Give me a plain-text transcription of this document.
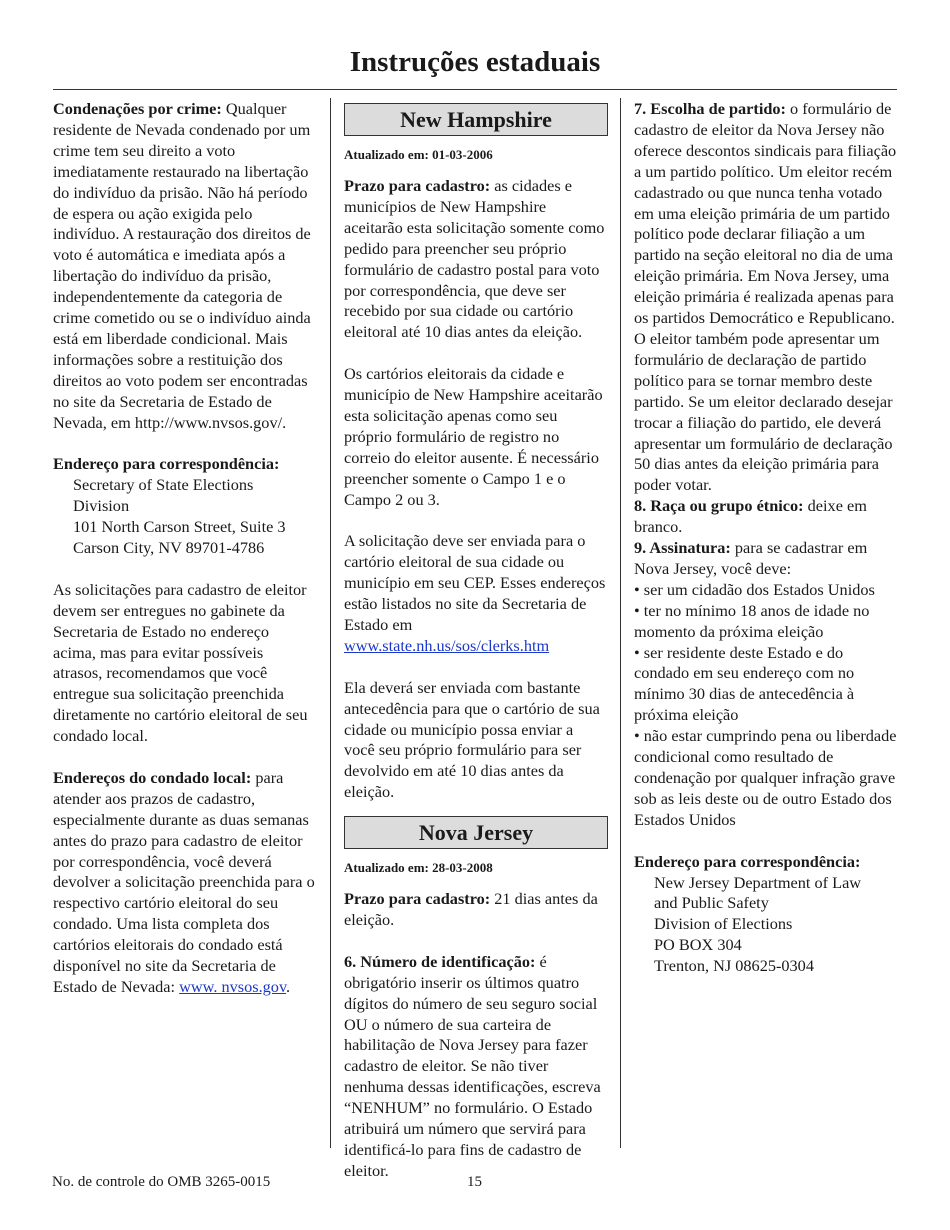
Instruções estaduais

Condenações por crime: Qualquer residente de Nevada condenado por um crime tem seu direito a voto imediatamente restaurado na libertação do indivíduo da prisão. Não há período de espera ou ação exigida pelo indivíduo. A restauração dos direitos de voto é automática e imediata após a libertação do indivíduo da prisão, independentemente da categoria de crime cometido ou se o indivíduo ainda está em liberdade condicional. Mais informações sobre a restituição dos direitos ao voto podem ser encontradas no site da Secretaria de Estado de Nevada, em http://www.nvsos.gov/.

Endereço para correspondência:

Secretary of State Elections

Division

101 North Carson Street, Suite 3

Carson City, NV 89701-4786

As solicitações para cadastro de eleitor devem ser entregues no gabinete da Secretaria de Estado no endereço acima, mas para evitar possíveis atrasos, recomendamos que você entregue sua solicitação preenchida diretamente no cartório eleitoral de seu condado local.

Endereços do condado local: para atender aos prazos de cadastro, especialmente durante as duas semanas antes do prazo para cadastro de eleitor por correspondência, você deverá devolver a solicitação preenchida para o respectivo cartório eleitoral do seu condado. Uma lista completa dos cartórios eleitorais do condado está disponível no site da Secretaria de Estado de Nevada: www. nvsos.gov.

New Hampshire

Atualizado em: 01-03-2006

Prazo para cadastro: as cidades e municípios de New Hampshire aceitarão esta solicitação somente como pedido para preencher seu próprio formulário de cadastro postal para voto por correspondência, que deve ser recebido por sua cidade ou cartório eleitoral até 10 dias antes da eleição.

Os cartórios eleitorais da cidade e município de New Hampshire aceitarão esta solicitação apenas como seu próprio formulário de registro no correio do eleitor ausente. É necessário preencher somente o Campo 1 e o Campo 2 ou 3.

A solicitação deve ser enviada para o cartório eleitoral de sua cidade ou município em seu CEP. Esses endereços estão listados no site da Secretaria de Estado em www.state.nh.us/sos/clerks.htm

Ela deverá ser enviada com bastante antecedência para que o cartório de sua cidade ou município possa enviar a você seu próprio formulário para ser devolvido em até 10 dias antes da eleição.

Nova Jersey

Atualizado em: 28-03-2008

Prazo para cadastro: 21 dias antes da eleição.

6. Número de identificação: é obrigatório inserir os últimos quatro dígitos do número de seu seguro social OU o número de sua carteira de habilitação de Nova Jersey para fazer cadastro de eleitor. Se não tiver nenhuma dessas identificações, escreva “NENHUM” no formulário. O Estado atribuirá um número que servirá para identificá-lo para fins de cadastro de eleitor.

7. Escolha de partido: o formulário de cadastro de eleitor da Nova Jersey não oferece descontos sindicais para filiação a um partido político. Um eleitor recém cadastrado ou que nunca tenha votado em uma eleição primária de um partido político pode declarar filiação a um partido na seção eleitoral no dia de uma eleição primária. Em Nova Jersey, uma eleição primária é realizada apenas para os partidos Democrático e Republicano. O eleitor também pode apresentar um formulário de declaração de partido político para se tornar membro deste partido. Se um eleitor declarado desejar trocar a filiação do partido, ele deverá apresentar um formulário de declaração 50 dias antes da eleição primária para poder votar.

8. Raça ou grupo étnico: deixe em branco.

9. Assinatura: para se cadastrar em Nova Jersey, você deve:

• ser um cidadão dos Estados Unidos

• ter no mínimo 18 anos de idade no momento da próxima eleição

• ser residente deste Estado e do condado em seu endereço com no mínimo 30 dias de antecedência à próxima eleição

• não estar cumprindo pena ou liberdade condicional como resultado de condenação por qualquer infração grave sob as leis deste ou de outro Estado dos Estados Unidos

Endereço para correspondência:

New Jersey Department of Law

and Public Safety

Division of Elections

PO BOX 304

Trenton, NJ 08625-0304

No. de controle do OMB 3265-0015	15
